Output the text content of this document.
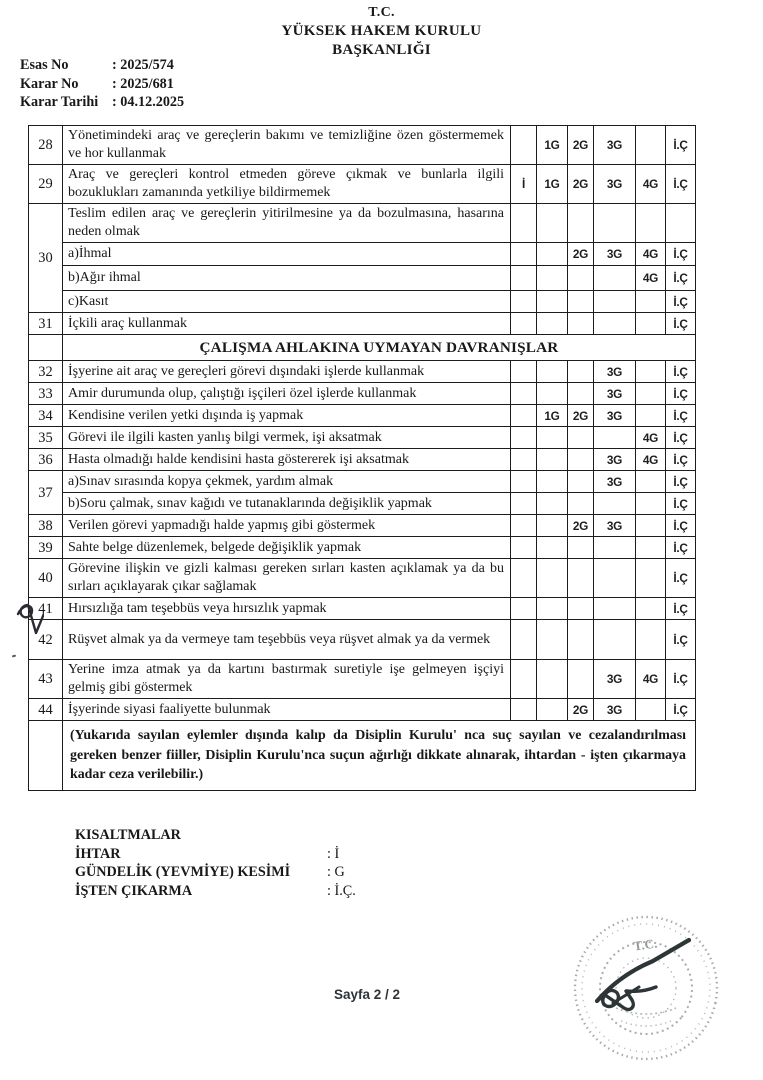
T.C.
YÜKSEK HAKEM KURULU
BAŞKANLIĞI
Esas No	: 2025/574
Karar No	: 2025/681
Karar Tarihi : 04.12.2025
28	Yönetimindeki araç ve gereçlerin bakımı ve temizliğine özen göstermemek ve hor kullanmak		1G	2G	3G		İ.Ç
29	Araç ve gereçleri kontrol etmeden göreve çıkmak ve bunlarla ilgili bozuklukları zamanında yetkiliye bildirmemek	İ	1G	2G	3G	4G	İ.Ç
30	Teslim edilen araç ve gereçlerin yitirilmesine ya da bozulmasına, hasarına neden olmak						
	a)İhmal			2G	3G	4G	İ.Ç
	b)Ağır ihmal					4G	İ.Ç
	c)Kasıt						İ.Ç
31	İçkili araç kullanmak						İ.Ç
	ÇALIŞMA AHLAKINA UYMAYAN DAVRANIŞLAR						
32	İşyerine ait araç ve gereçleri görevi dışındaki işlerde kullanmak				3G		İ.Ç
33	Amir durumunda olup, çalıştığı işçileri özel işlerde kullanmak				3G		İ.Ç
34	Kendisine verilen yetki dışında iş yapmak		1G	2G	3G		İ.Ç
35	Görevi ile ilgili kasten yanlış bilgi vermek, işi aksatmak					4G	İ.Ç
36	Hasta olmadığı halde kendisini hasta göstererek işi aksatmak				3G	4G	İ.Ç
37	a)Sınav sırasında kopya çekmek, yardım almak				3G		İ.Ç
	b)Soru çalmak, sınav kağıdı ve tutanaklarında değişiklik yapmak						İ.Ç
38	Verilen görevi yapmadığı halde yapmış gibi göstermek			2G	3G		İ.Ç
39	Sahte belge düzenlemek, belgede değişiklik yapmak						İ.Ç
40	Görevine ilişkin ve gizli kalması gereken sırları kasten açıklamak ya da bu sırları açıklayarak çıkar sağlamak						İ.Ç
41	Hırsızlığa tam teşebbüs veya hırsızlık yapmak						İ.Ç
42	Rüşvet almak ya da vermeye tam teşebbüs veya rüşvet almak ya da vermek						İ.Ç
43	Yerine imza atmak ya da kartını bastırmak suretiyle işe gelmeyen işçiyi gelmiş gibi göstermek				3G	4G	İ.Ç
44	İşyerinde siyasi faaliyette bulunmak			2G	3G		İ.Ç
	(Yukarıda sayılan eylemler dışında kalıp da Disiplin Kurulu' nca suç sayılan ve cezalandırılması gereken benzer fiiller, Disiplin Kurulu'nca suçun ağırlığı dikkate alınarak, ihtardan - işten çıkarmaya kadar ceza verilebilir.)						
KISALTMALAR
İHTAR	: İ
GÜNDELİK (YEVMİYE) KESİMİ	: G
İŞTEN ÇIKARMA	: İ.Ç.
Sayfa 2 / 2
T.C.
